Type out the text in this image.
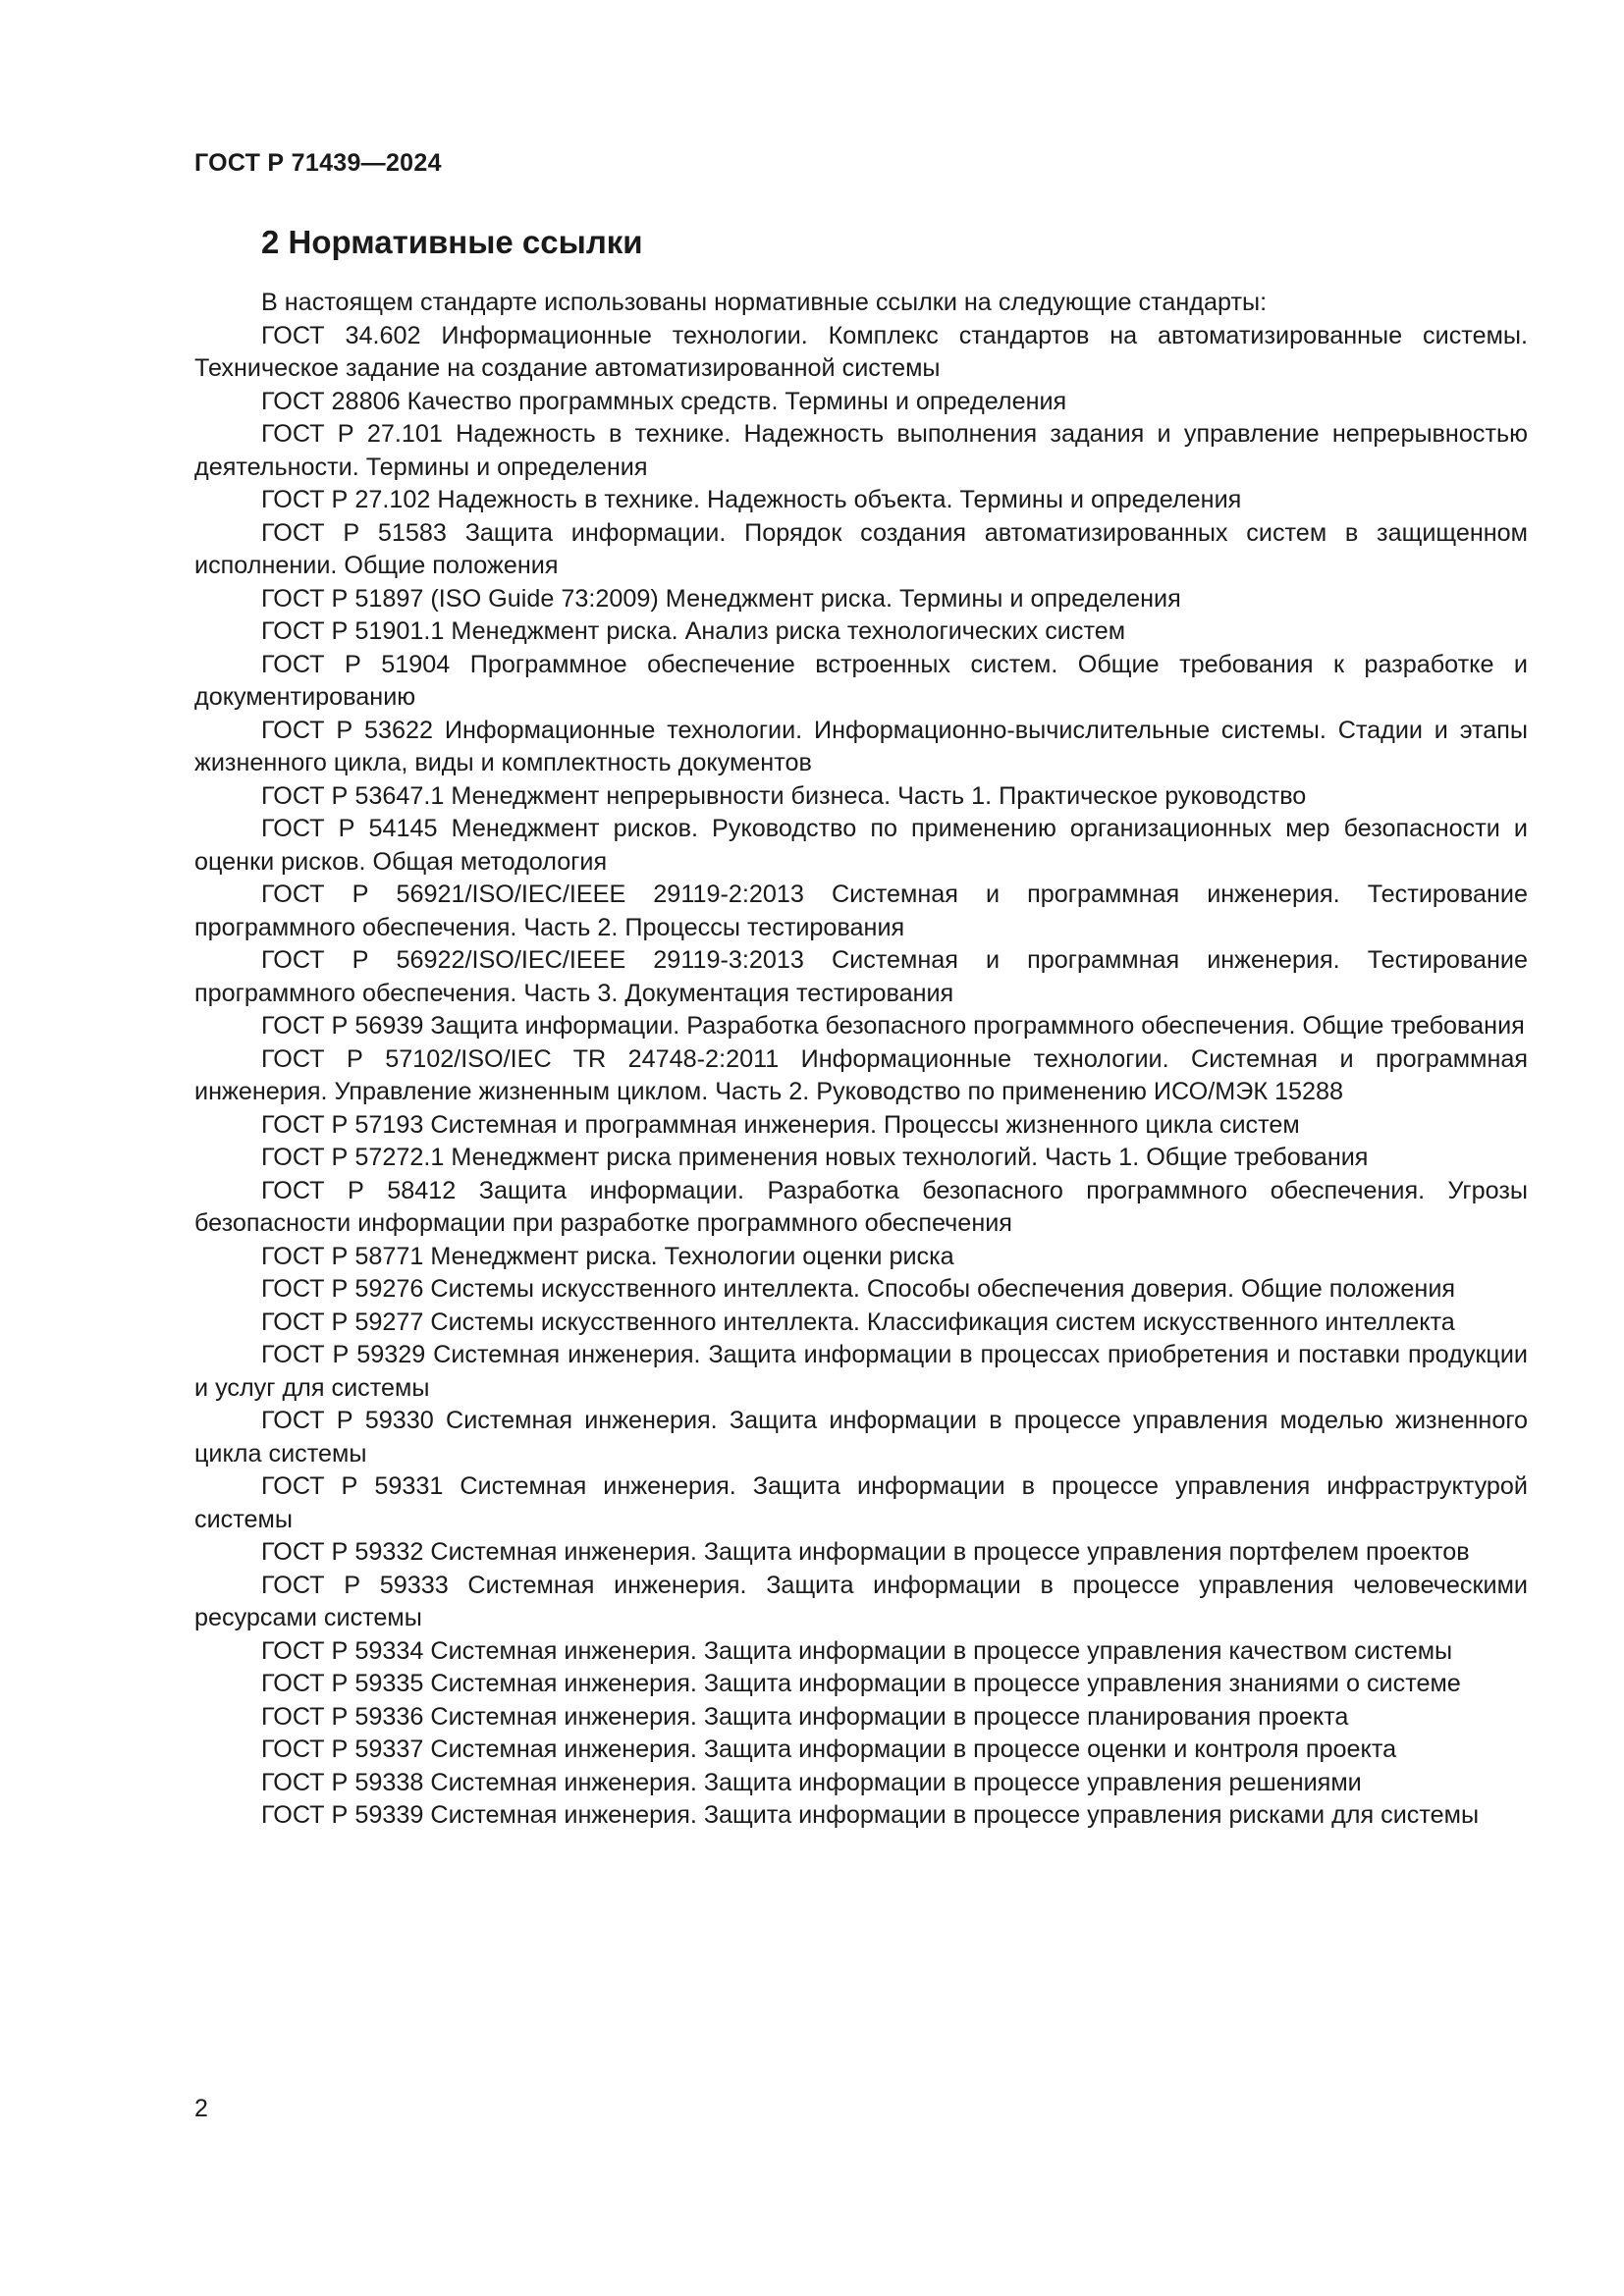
ГОСТ Р 71439—2024
2 Нормативные ссылки

В настоящем стандарте использованы нормативные ссылки на следующие стандарты:

ГОСТ 34.602 Информационные технологии. Комплекс стандартов на автоматизированные системы. Техническое задание на создание автоматизированной системы

ГОСТ 28806 Качество программных средств. Термины и определения

ГОСТ Р 27.101 Надежность в технике. Надежность выполнения задания и управление непрерывностью деятельности. Термины и определения

ГОСТ Р 27.102 Надежность в технике. Надежность объекта. Термины и определения

ГОСТ Р 51583 Защита информации. Порядок создания автоматизированных систем в защищенном исполнении. Общие положения

ГОСТ Р 51897 (ISO Guide 73:2009) Менеджмент риска. Термины и определения

ГОСТ Р 51901.1 Менеджмент риска. Анализ риска технологических систем

ГОСТ Р 51904 Программное обеспечение встроенных систем. Общие требования к разработке и документированию

ГОСТ Р 53622 Информационные технологии. Информационно-вычислительные системы. Стадии и этапы жизненного цикла, виды и комплектность документов

ГОСТ Р 53647.1 Менеджмент непрерывности бизнеса. Часть 1. Практическое руководство

ГОСТ Р 54145 Менеджмент рисков. Руководство по применению организационных мер безопасности и оценки рисков. Общая методология

ГОСТ Р 56921/ISO/IEC/IEEE 29119-2:2013 Системная и программная инженерия. Тестирование программного обеспечения. Часть 2. Процессы тестирования

ГОСТ Р 56922/ISO/IEC/IEEE 29119-3:2013 Системная и программная инженерия. Тестирование программного обеспечения. Часть 3. Документация тестирования

ГОСТ Р 56939 Защита информации. Разработка безопасного программного обеспечения. Общие требования

ГОСТ Р 57102/ISO/IEC TR 24748-2:2011 Информационные технологии. Системная и программная инженерия. Управление жизненным циклом. Часть 2. Руководство по применению ИСО/МЭК 15288

ГОСТ Р 57193 Системная и программная инженерия. Процессы жизненного цикла систем

ГОСТ Р 57272.1 Менеджмент риска применения новых технологий. Часть 1. Общие требования

ГОСТ Р 58412 Защита информации. Разработка безопасного программного обеспечения. Угрозы безопасности информации при разработке программного обеспечения

ГОСТ Р 58771 Менеджмент риска. Технологии оценки риска

ГОСТ Р 59276 Системы искусственного интеллекта. Способы обеспечения доверия. Общие положения

ГОСТ Р 59277 Системы искусственного интеллекта. Классификация систем искусственного интеллекта

ГОСТ Р 59329 Системная инженерия. Защита информации в процессах приобретения и поставки продукции и услуг для системы

ГОСТ Р 59330 Системная инженерия. Защита информации в процессе управления моделью жизненного цикла системы

ГОСТ Р 59331 Системная инженерия. Защита информации в процессе управления инфраструктурой системы

ГОСТ Р 59332 Системная инженерия. Защита информации в процессе управления портфелем проектов

ГОСТ Р 59333 Системная инженерия. Защита информации в процессе управления человеческими ресурсами системы

ГОСТ Р 59334 Системная инженерия. Защита информации в процессе управления качеством системы

ГОСТ Р 59335 Системная инженерия. Защита информации в процессе управления знаниями о системе

ГОСТ Р 59336 Системная инженерия. Защита информации в процессе планирования проекта

ГОСТ Р 59337 Системная инженерия. Защита информации в процессе оценки и контроля проекта

ГОСТ Р 59338 Системная инженерия. Защита информации в процессе управления решениями

ГОСТ Р 59339 Системная инженерия. Защита информации в процессе управления рисками для системы

2
